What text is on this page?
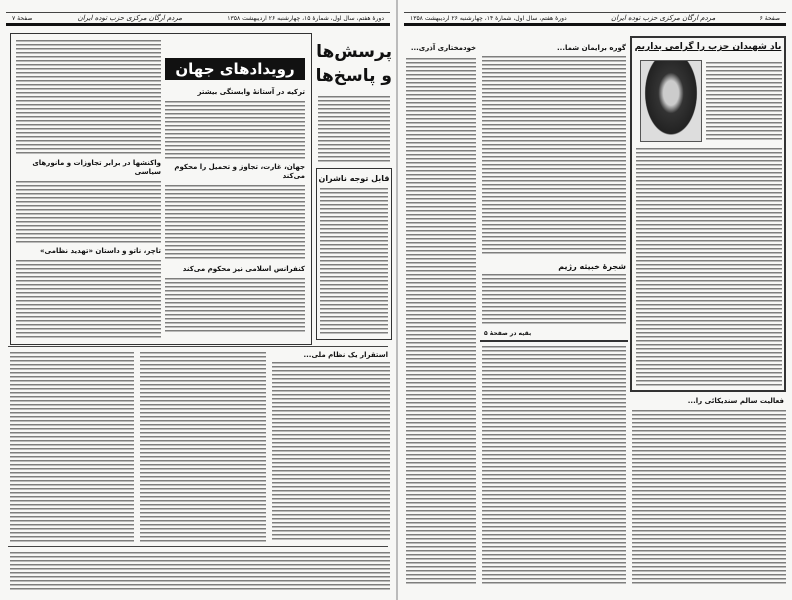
صفحهٔ ۷	مردم ارگان مرکزی حزب توده ایران	دورهٔ هفتم، سال اول، شمارهٔ ۱۵، چهارشنبه ۲۶ اردیبهشت ۱۳۵۸
رویدادهای جهان
ترکیه در آستانهٔ وابستگی بیشتر
جهان، غارت، تجاوز و تحمیل را محکوم می‌کند
کنفرانس اسلامی نیز محکوم می‌کند
واکنشها در برابر تجاوزات و مانورهای سیاسی
تاچر، ناتو و داستان «تهدید نظامی»
پرسش‌ها
و پاسخ‌ها
قابل توجه ناشران
استقرار یک نظام ملی...
صفحهٔ ۶
مردم ارگان مرکزی حزب توده ایران
دورهٔ هفتم، سال اول، شمارهٔ ۱۴، چهارشنبه ۲۶ اردیبهشت ۱۳۵۸
خودمختاری آذری...	گوره برایمان شما...
شجرهٔ خبیثه رژیم
بقیه در صفحهٔ ۵
یاد شهیدان حزب را گرامی بداریم
فعالیت سالم سندیکائی را...
